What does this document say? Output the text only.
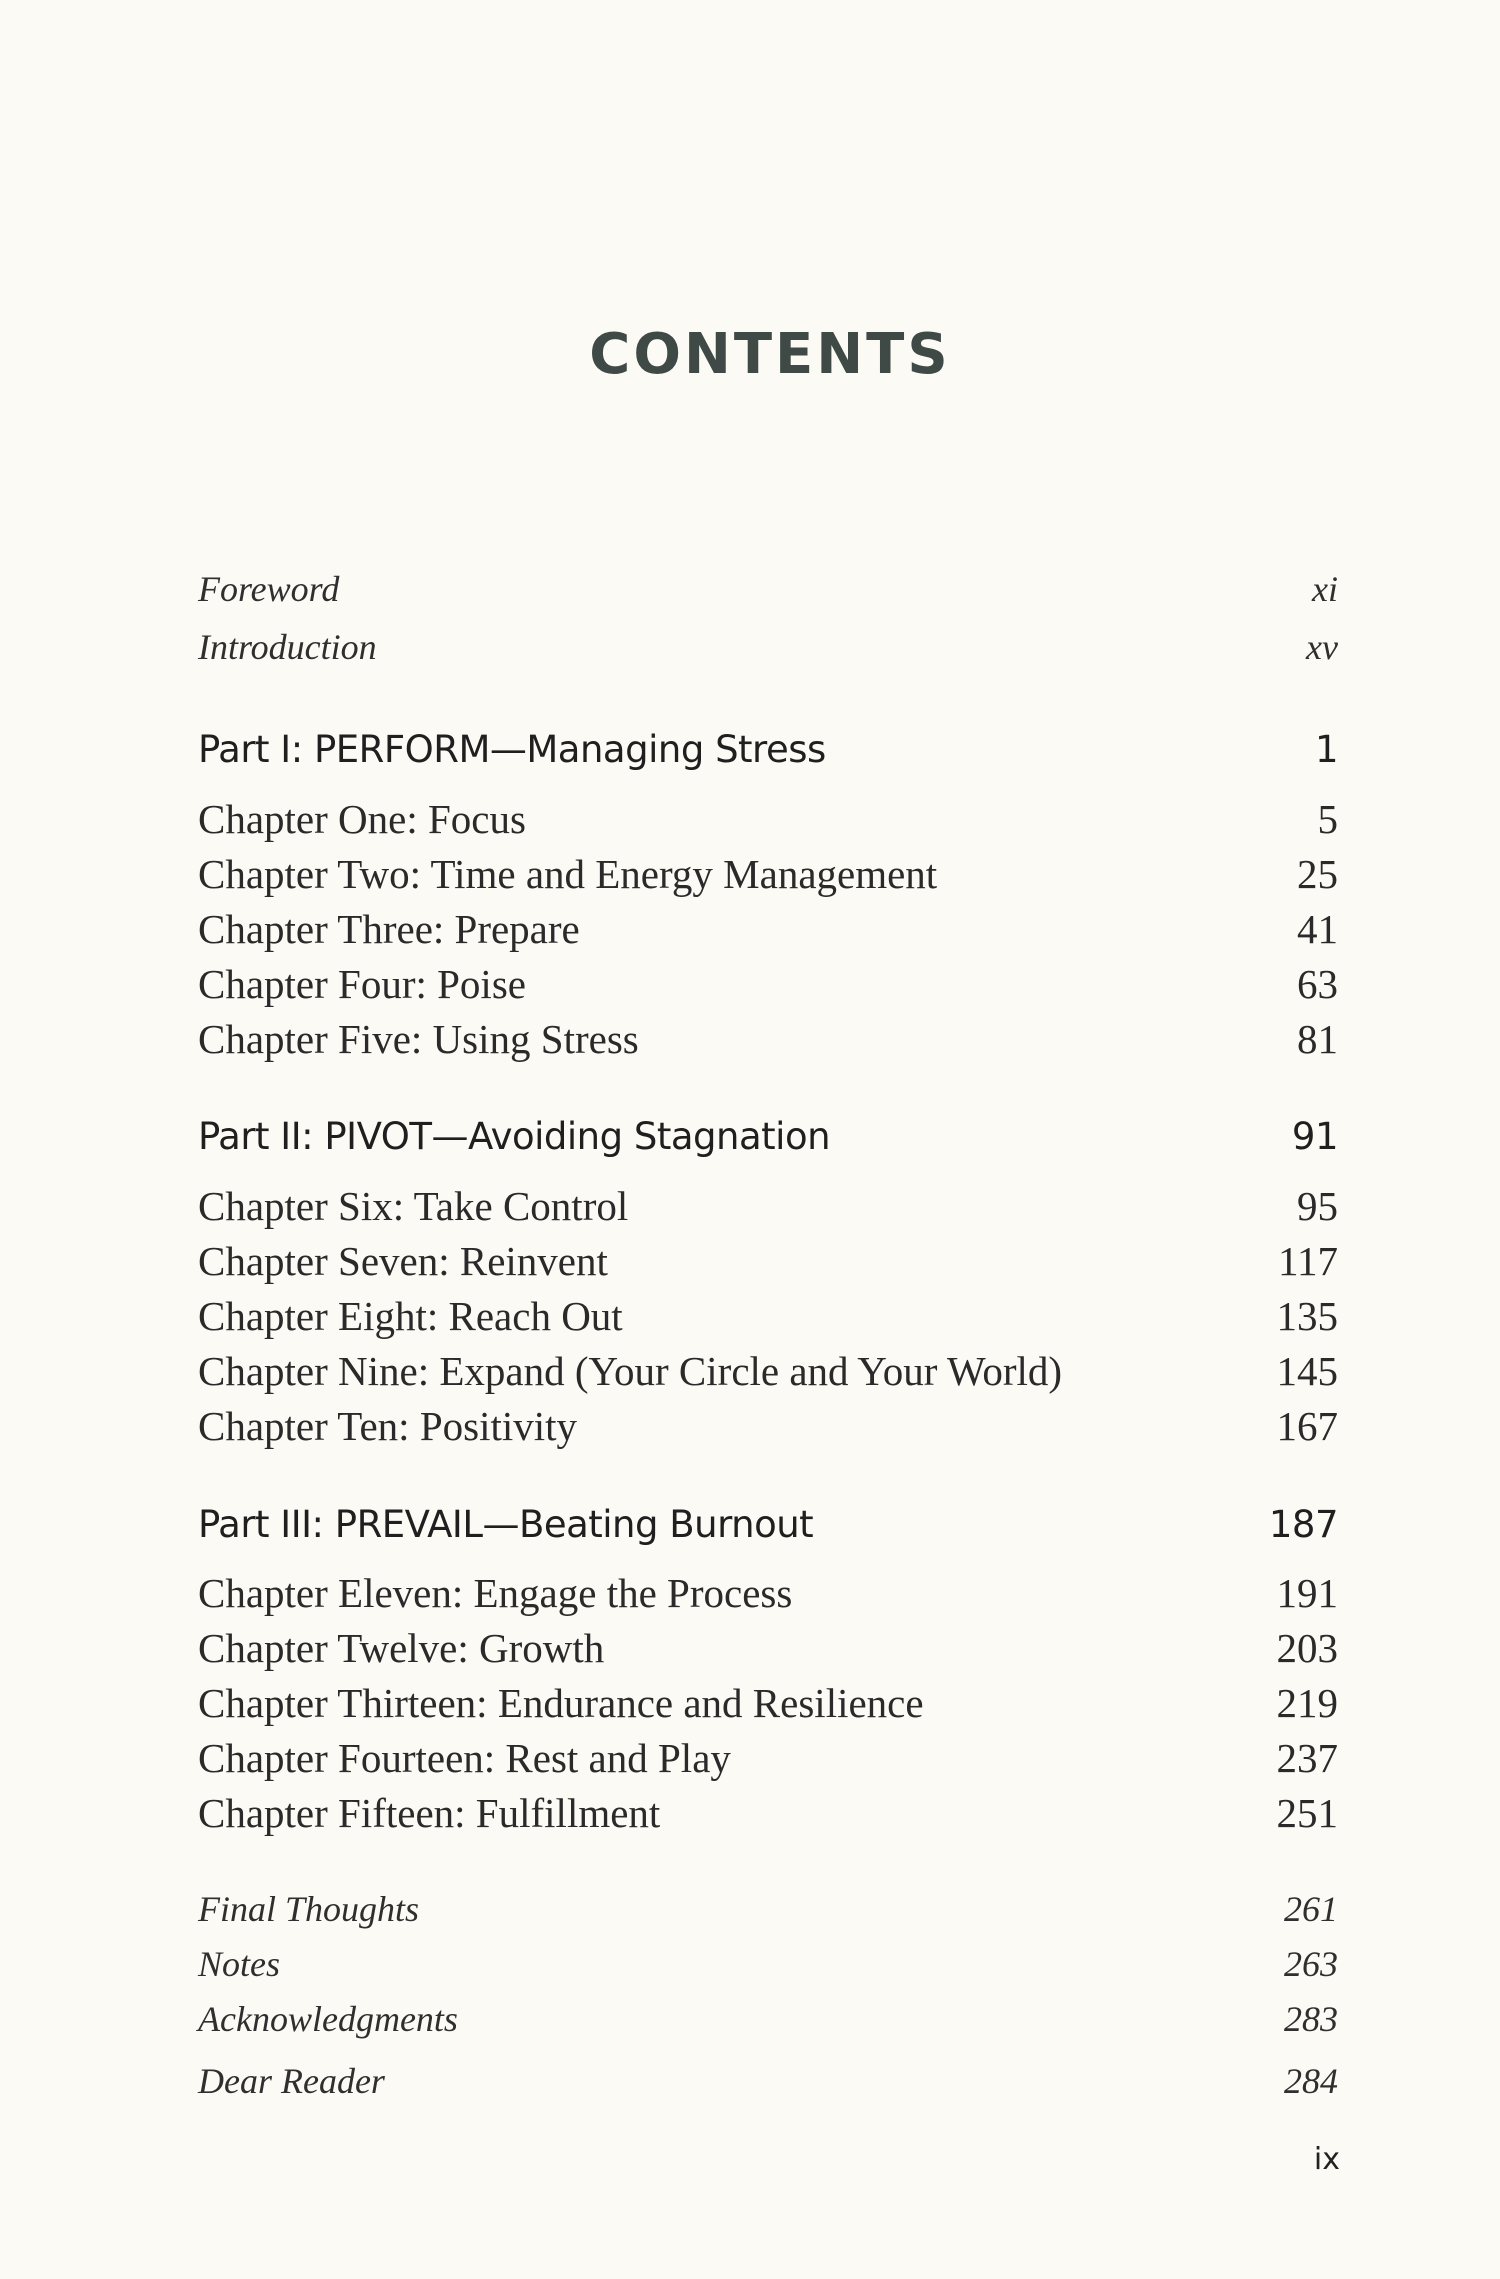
CONTENTS
Foreword	xi
Introduction	xv
Part I: PERFORM—Managing Stress	1
Chapter One: Focus	5
Chapter Two: Time and Energy Management	25
Chapter Three: Prepare	41
Chapter Four: Poise	63
Chapter Five: Using Stress	81
Part II: PIVOT—Avoiding Stagnation	91
Chapter Six: Take Control	95
Chapter Seven: Reinvent	117
Chapter Eight: Reach Out	135
Chapter Nine: Expand (Your Circle and Your World)	145
Chapter Ten: Positivity	167
Part III: PREVAIL—Beating Burnout	187
Chapter Eleven: Engage the Process	191
Chapter Twelve: Growth	203
Chapter Thirteen: Endurance and Resilience	219
Chapter Fourteen: Rest and Play	237
Chapter Fifteen: Fulfillment	251
Final Thoughts	261
Notes	263
Acknowledgments	283
Dear Reader	284
ix
